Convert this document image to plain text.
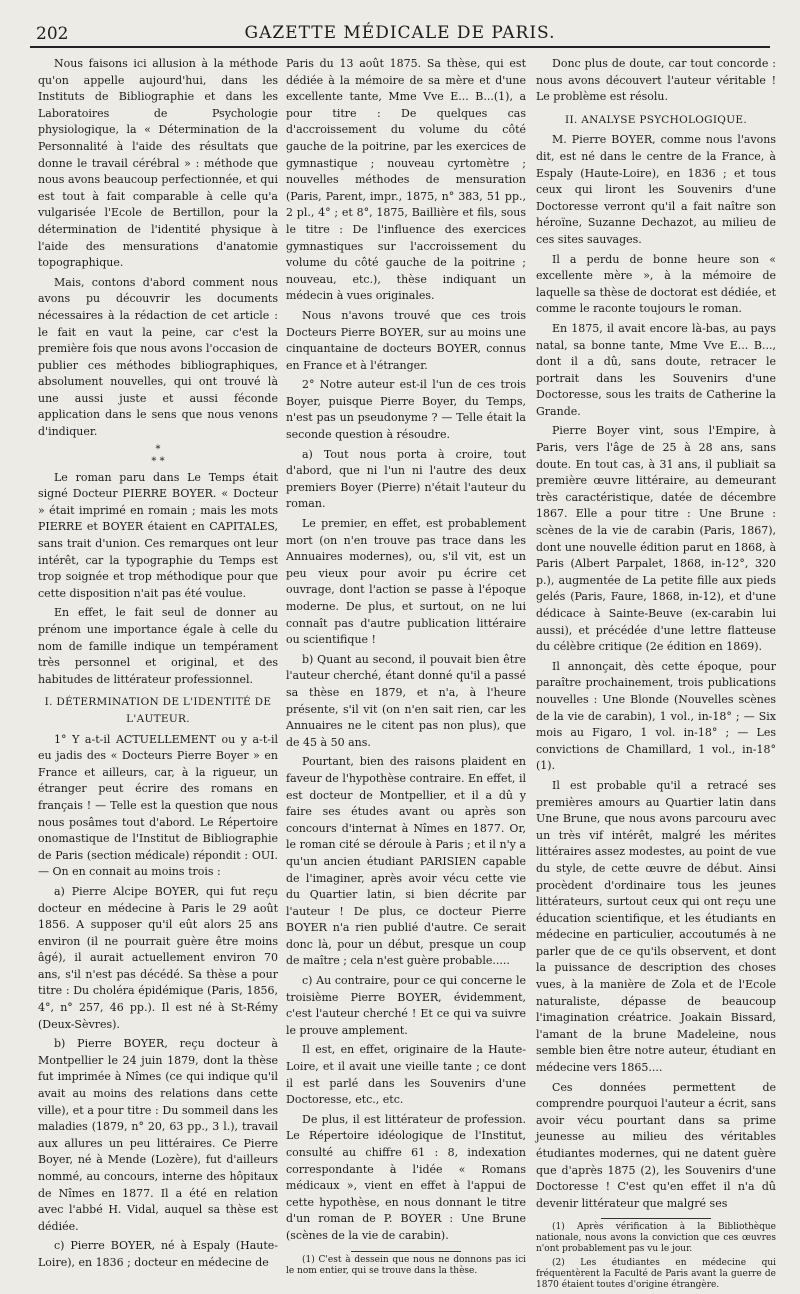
202	GAZETTE MÉDICALE DE PARIS.

Nous faisons ici allusion à la méthode qu'on appelle aujourd'hui, dans les Instituts de Bibliographie et dans les Laboratoires de Psychologie physiologique, la « Détermination de la Personnalité à l'aide des résultats que donne le travail cérébral » : méthode que nous avons beaucoup perfectionnée, et qui est tout à fait comparable à celle qu'a vulgarisée l'Ecole de Bertillon, pour la détermination de l'identité physique à l'aide des mensurations d'anatomie topographique.

Mais, contons d'abord comment nous avons pu découvrir les documents nécessaires à la rédaction de cet article : le fait en vaut la peine, car c'est la première fois que nous avons l'occasion de publier ces méthodes bibliographiques, absolument nouvelles, qui ont trouvé là une aussi juste et aussi féconde application dans le sens que nous venons d'indiquer.

*
* *

Le roman paru dans Le Temps était signé Docteur PIERRE BOYER. « Docteur » était imprimé en romain ; mais les mots PIERRE et BOYER étaient en CAPITALES, sans trait d'union. Ces remarques ont leur intérêt, car la typographie du Temps est trop soignée et trop méthodique pour que cette disposition n'ait pas été voulue.

En effet, le fait seul de donner au prénom une importance égale à celle du nom de famille indique un tempérament très personnel et original, et des habitudes de littérateur professionnel.

I. DÉTERMINATION DE L'IDENTITÉ DE L'AUTEUR.

1° Y a-t-il ACTUELLEMENT ou y a-t-il eu jadis des « Docteurs Pierre Boyer » en France et ailleurs, car, à la rigueur, un étranger peut écrire des romans en français ! — Telle est la question que nous nous posâmes tout d'abord. Le Répertoire onomastique de l'Institut de Bibliographie de Paris (section médicale) répondit : OUI. — On en connait au moins trois :

a) Pierre Alcipe BOYER, qui fut reçu docteur en médecine à Paris le 29 août 1856. A supposer qu'il eût alors 25 ans environ (il ne pourrait guère être moins âgé), il aurait actuellement environ 70 ans, s'il n'est pas décédé. Sa thèse a pour titre : Du choléra épidémique (Paris, 1856, 4°, n° 257, 46 pp.). Il est né à St-Rémy (Deux-Sèvres).

b) Pierre BOYER, reçu docteur à Montpellier le 24 juin 1879, dont la thèse fut imprimée à Nîmes (ce qui indique qu'il avait au moins des relations dans cette ville), et a pour titre : Du sommeil dans les maladies (1879, n° 20, 63 pp., 3 l.), travail aux allures un peu littéraires. Ce Pierre Boyer, né à Mende (Lozère), fut d'ailleurs nommé, au concours, interne des hôpitaux de Nîmes en 1877. Il a été en relation avec l'abbé H. Vidal, auquel sa thèse est dédiée.

c) Pierre BOYER, né à Espaly (Haute-Loire), en 1836 ; docteur en médecine de

Paris du 13 août 1875. Sa thèse, qui est dédiée à la mémoire de sa mère et d'une excellente tante, Mme Vve E... B...(1), a pour titre : De quelques cas d'accroissement du volume du côté gauche de la poitrine, par les exercices de gymnastique ; nouveau cyrtomètre ; nouvelles méthodes de mensuration (Paris, Parent, impr., 1875, n° 383, 51 pp., 2 pl., 4° ; et 8°, 1875, Baillière et fils, sous le titre : De l'influence des exercices gymnastiques sur l'accroissement du volume du côté gauche de la poitrine ; nouveau, etc.), thèse indiquant un médecin à vues originales.

Nous n'avons trouvé que ces trois Docteurs Pierre BOYER, sur au moins une cinquantaine de docteurs BOYER, connus en France et à l'étranger.

2° Notre auteur est-il l'un de ces trois Boyer, puisque Pierre Boyer, du Temps, n'est pas un pseudonyme ? — Telle était la seconde question à résoudre.

a) Tout nous porta à croire, tout d'abord, que ni l'un ni l'autre des deux premiers Boyer (Pierre) n'était l'auteur du roman.

Le premier, en effet, est probablement mort (on n'en trouve pas trace dans les Annuaires modernes), ou, s'il vit, est un peu vieux pour avoir pu écrire cet ouvrage, dont l'action se passe à l'époque moderne. De plus, et surtout, on ne lui connaît pas d'autre publication littéraire ou scientifique !

b) Quant au second, il pouvait bien être l'auteur cherché, étant donné qu'il a passé sa thèse en 1879, et n'a, à l'heure présente, s'il vit (on n'en sait rien, car les Annuaires ne le citent pas non plus), que de 45 à 50 ans.

Pourtant, bien des raisons plaident en faveur de l'hypothèse contraire. En effet, il est docteur de Montpellier, et il a dû y faire ses études avant ou après son concours d'internat à Nîmes en 1877. Or, le roman cité se déroule à Paris ; et il n'y a qu'un ancien étudiant PARISIEN capable de l'imaginer, après avoir vécu cette vie du Quartier latin, si bien décrite par l'auteur ! De plus, ce docteur Pierre BOYER n'a rien publié d'autre. Ce serait donc là, pour un début, presque un coup de maître ; cela n'est guère probable.....

c) Au contraire, pour ce qui concerne le troisième Pierre BOYER, évidemment, c'est l'auteur cherché ! Et ce qui va suivre le prouve amplement.

Il est, en effet, originaire de la Haute-Loire, et il avait une vieille tante ; ce dont il est parlé dans les Souvenirs d'une Doctoresse, etc., etc.

De plus, il est littérateur de profession. Le Répertoire idéologique de l'Institut, consulté au chiffre 61 : 8, indexation correspondante à l'idée « Romans médicaux », vient en effet à l'appui de cette hypothèse, en nous donnant le titre d'un roman de P. BOYER : Une Brune (scènes de la vie de carabin).

(1) C'est à dessein que nous ne donnons pas ici le nom entier, qui se trouve dans la thèse.

Donc plus de doute, car tout concorde : nous avons découvert l'auteur véritable ! Le problème est résolu.

II. ANALYSE PSYCHOLOGIQUE.

M. Pierre BOYER, comme nous l'avons dit, est né dans le centre de la France, à Espaly (Haute-Loire), en 1836 ; et tous ceux qui liront les Souvenirs d'une Doctoresse verront qu'il a fait naître son héroïne, Suzanne Dechazot, au milieu de ces sites sauvages.

Il a perdu de bonne heure son « excellente mère », à la mémoire de laquelle sa thèse de doctorat est dédiée, et comme le raconte toujours le roman.

En 1875, il avait encore là-bas, au pays natal, sa bonne tante, Mme Vve E... B..., dont il a dû, sans doute, retracer le portrait dans les Souvenirs d'une Doctoresse, sous les traits de Catherine la Grande.

Pierre Boyer vint, sous l'Empire, à Paris, vers l'âge de 25 à 28 ans, sans doute. En tout cas, à 31 ans, il publiait sa première œuvre littéraire, au demeurant très caractéristique, datée de décembre 1867. Elle a pour titre : Une Brune : scènes de la vie de carabin (Paris, 1867), dont une nouvelle édition parut en 1868, à Paris (Albert Parpalet, 1868, in-12°, 320 p.), augmentée de La petite fille aux pieds gelés (Paris, Faure, 1868, in-12), et d'une dédicace à Sainte-Beuve (ex-carabin lui aussi), et précédée d'une lettre flatteuse du célèbre critique (2e édition en 1869).

Il annonçait, dès cette époque, pour paraître prochainement, trois publications nouvelles : Une Blonde (Nouvelles scènes de la vie de carabin), 1 vol., in-18° ; — Six mois au Figaro, 1 vol. in-18° ; — Les convictions de Chamillard, 1 vol., in-18° (1).

Il est probable qu'il a retracé ses premières amours au Quartier latin dans Une Brune, que nous avons parcouru avec un très vif intérêt, malgré les mérites littéraires assez modestes, au point de vue du style, de cette œuvre de début. Ainsi procèdent d'ordinaire tous les jeunes littérateurs, surtout ceux qui ont reçu une éducation scientifique, et les étudiants en médecine en particulier, accoutumés à ne parler que de ce qu'ils observent, et dont la puissance de description des choses vues, à la manière de Zola et de l'Ecole naturaliste, dépasse de beaucoup l'imagination créatrice. Joakain Bissard, l'amant de la brune Madeleine, nous semble bien être notre auteur, étudiant en médecine vers 1865....

Ces données permettent de comprendre pourquoi l'auteur a écrit, sans avoir vécu pourtant dans sa prime jeunesse au milieu des véritables étudiantes modernes, qui ne datent guère que d'après 1875 (2), les Souvenirs d'une Doctoresse ! C'est qu'en effet il n'a dû devenir littérateur que malgré ses

(1) Après vérification à la Bibliothèque nationale, nous avons la conviction que ces œuvres n'ont probablement pas vu le jour.

(2) Les étudiantes en médecine qui fréquentèrent la Faculté de Paris avant la guerre de 1870 étaient toutes d'origine étrangère.
